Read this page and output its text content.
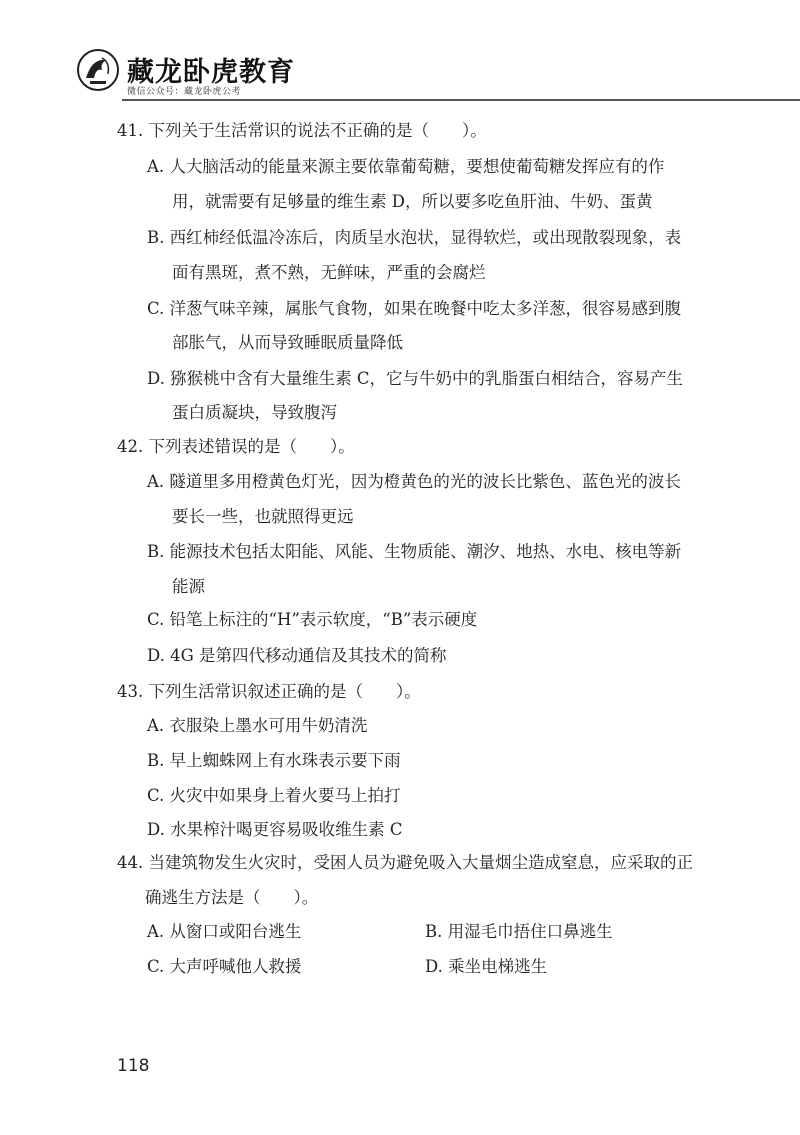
藏龙卧虎教育
微信公众号：藏龙卧虎公考
41. 下列关于生活常识的说法不正确的是（　　）。
A. 人大脑活动的能量来源主要依靠葡萄糖，要想使葡萄糖发挥应有的作
用，就需要有足够量的维生素 D，所以要多吃鱼肝油、牛奶、蛋黄
B. 西红柿经低温冷冻后，肉质呈水泡状，显得软烂，或出现散裂现象，表
面有黑斑，煮不熟，无鲜味，严重的会腐烂
C. 洋葱气味辛辣，属胀气食物，如果在晚餐中吃太多洋葱，很容易感到腹
部胀气，从而导致睡眠质量降低
D. 猕猴桃中含有大量维生素 C，它与牛奶中的乳脂蛋白相结合，容易产生
蛋白质凝块，导致腹泻
42. 下列表述错误的是（　　）。
A. 隧道里多用橙黄色灯光，因为橙黄色的光的波长比紫色、蓝色光的波长
要长一些，也就照得更远
B. 能源技术包括太阳能、风能、生物质能、潮汐、地热、水电、核电等新
能源
C. 铅笔上标注的“H”表示软度，“B”表示硬度
D. 4G 是第四代移动通信及其技术的简称
43. 下列生活常识叙述正确的是（　　）。
A. 衣服染上墨水可用牛奶清洗
B. 早上蜘蛛网上有水珠表示要下雨
C. 火灾中如果身上着火要马上拍打
D. 水果榨汁喝更容易吸收维生素 C
44. 当建筑物发生火灾时，受困人员为避免吸入大量烟尘造成窒息，应采取的正
确逃生方法是（　　）。
A. 从窗口或阳台逃生	B. 用湿毛巾捂住口鼻逃生
C. 大声呼喊他人救援	D. 乘坐电梯逃生
118
